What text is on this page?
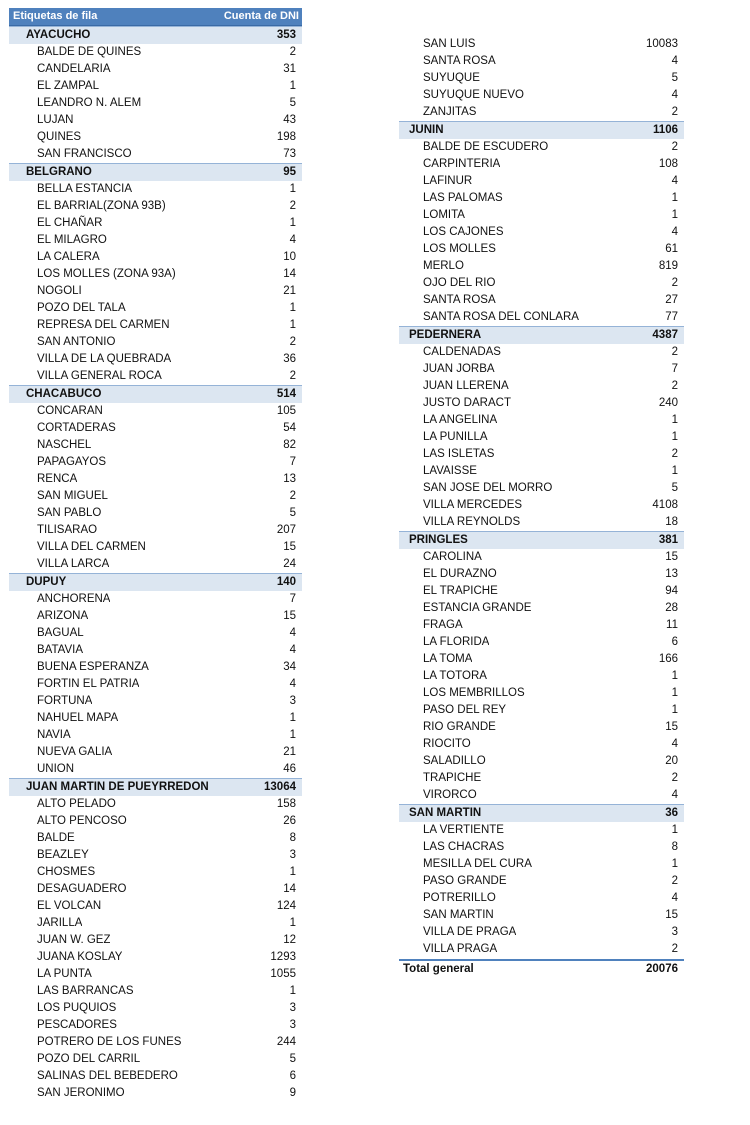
Etiquetas de fila	Cuenta de DNI
AYACUCHO	353
BALDE DE QUINES	2
CANDELARIA	31
EL ZAMPAL	1
LEANDRO N. ALEM	5
LUJAN	43
QUINES	198
SAN FRANCISCO	73
BELGRANO	95
BELLA ESTANCIA	1
EL BARRIAL(ZONA 93B)	2
EL CHAÑAR	1
EL MILAGRO	4
LA CALERA	10
LOS MOLLES (ZONA 93A)	14
NOGOLI	21
POZO DEL TALA	1
REPRESA DEL CARMEN	1
SAN ANTONIO	2
VILLA DE LA QUEBRADA	36
VILLA GENERAL ROCA	2
CHACABUCO	514
CONCARAN	105
CORTADERAS	54
NASCHEL	82
PAPAGAYOS	7
RENCA	13
SAN MIGUEL	2
SAN PABLO	5
TILISARAO	207
VILLA DEL CARMEN	15
VILLA LARCA	24
DUPUY	140
ANCHORENA	7
ARIZONA	15
BAGUAL	4
BATAVIA	4
BUENA ESPERANZA	34
FORTIN EL PATRIA	4
FORTUNA	3
NAHUEL MAPA	1
NAVIA	1
NUEVA GALIA	21
UNION	46
JUAN MARTIN DE PUEYRREDON	13064
ALTO PELADO	158
ALTO PENCOSO	26
BALDE	8
BEAZLEY	3
CHOSMES	1
DESAGUADERO	14
EL VOLCAN	124
JARILLA	1
JUAN W. GEZ	12
JUANA KOSLAY	1293
LA PUNTA	1055
LAS BARRANCAS	1
LOS PUQUIOS	3
PESCADORES	3
POTRERO DE LOS FUNES	244
POZO DEL CARRIL	5
SALINAS DEL BEBEDERO	6
SAN JERONIMO	9
SAN LUIS	10083
SANTA ROSA	4
SUYUQUE	5
SUYUQUE NUEVO	4
ZANJITAS	2
JUNIN	1106
BALDE DE ESCUDERO	2
CARPINTERIA	108
LAFINUR	4
LAS PALOMAS	1
LOMITA	1
LOS CAJONES	4
LOS MOLLES	61
MERLO	819
OJO DEL RIO	2
SANTA ROSA	27
SANTA ROSA DEL CONLARA	77
PEDERNERA	4387
CALDENADAS	2
JUAN JORBA	7
JUAN LLERENA	2
JUSTO DARACT	240
LA ANGELINA	1
LA PUNILLA	1
LAS ISLETAS	2
LAVAISSE	1
SAN JOSE DEL MORRO	5
VILLA MERCEDES	4108
VILLA REYNOLDS	18
PRINGLES	381
CAROLINA	15
EL DURAZNO	13
EL TRAPICHE	94
ESTANCIA GRANDE	28
FRAGA	11
LA FLORIDA	6
LA TOMA	166
LA TOTORA	1
LOS MEMBRILLOS	1
PASO DEL REY	1
RIO GRANDE	15
RIOCITO	4
SALADILLO	20
TRAPICHE	2
VIRORCO	4
SAN MARTIN	36
LA VERTIENTE	1
LAS CHACRAS	8
MESILLA DEL CURA	1
PASO GRANDE	2
POTRERILLO	4
SAN MARTIN	15
VILLA DE PRAGA	3
VILLA PRAGA	2
Total general	20076
